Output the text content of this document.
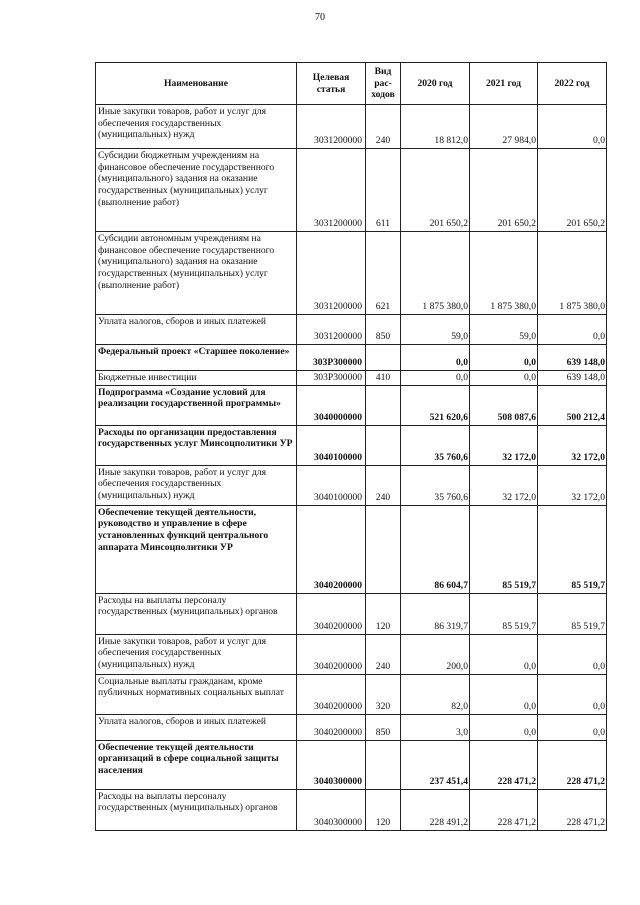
70
Наименование	Целевая статья	Вид рас-ходов	2020 год	2021 год	2022 год
Иные закупки товаров, работ и услуг для обеспечения государственных (муниципальных) нужд	3031200000	240	18 812,0	27 984,0	0,0
Субсидии бюджетным учреждениям на финансовое обеспечение государственного (муниципального) задания на оказание государственных (муниципальных) услуг (выполнение работ)	3031200000	611	201 650,2	201 650,2	201 650,2
Субсидии автономным учреждениям на финансовое обеспечение государственного (муниципального) задания на оказание государственных (муниципальных) услуг (выполнение работ)	3031200000	621	1 875 380,0	1 875 380,0	1 875 380,0
Уплата налогов, сборов и иных платежей	3031200000	850	59,0	59,0	0,0
Федеральный проект «Старшее поколение»	303Р300000		0,0	0,0	639 148,0
Бюджетные инвестиции	303Р300000	410	0,0	0,0	639 148,0
Подпрограмма «Создание условий для реализации государственной программы»	3040000000		521 620,6	508 087,6	500 212,4
Расходы по организации предоставления государственных услуг Минсоцполитики УР	3040100000		35 760,6	32 172,0	32 172,0
Иные закупки товаров, работ и услуг для обеспечения государственных (муниципальных) нужд	3040100000	240	35 760,6	32 172,0	32 172,0
Обеспечение текущей деятельности, руководство и управление в сфере установленных функций центрального аппарата Минсоцполитики УР	3040200000		86 604,7	85 519,7	85 519,7
Расходы на выплаты персоналу государственных (муниципальных) органов	3040200000	120	86 319,7	85 519,7	85 519,7
Иные закупки товаров, работ и услуг для обеспечения государственных (муниципальных) нужд	3040200000	240	200,0	0,0	0,0
Социальные выплаты гражданам, кроме публичных нормативных социальных выплат	3040200000	320	82,0	0,0	0,0
Уплата налогов, сборов и иных платежей	3040200000	850	3,0	0,0	0,0
Обеспечение текущей деятельности организаций в сфере социальной защиты населения	3040300000		237 451,4	228 471,2	228 471,2
Расходы на выплаты персоналу государственных (муниципальных) органов	3040300000	120	228 491,2	228 471,2	228 471,2
